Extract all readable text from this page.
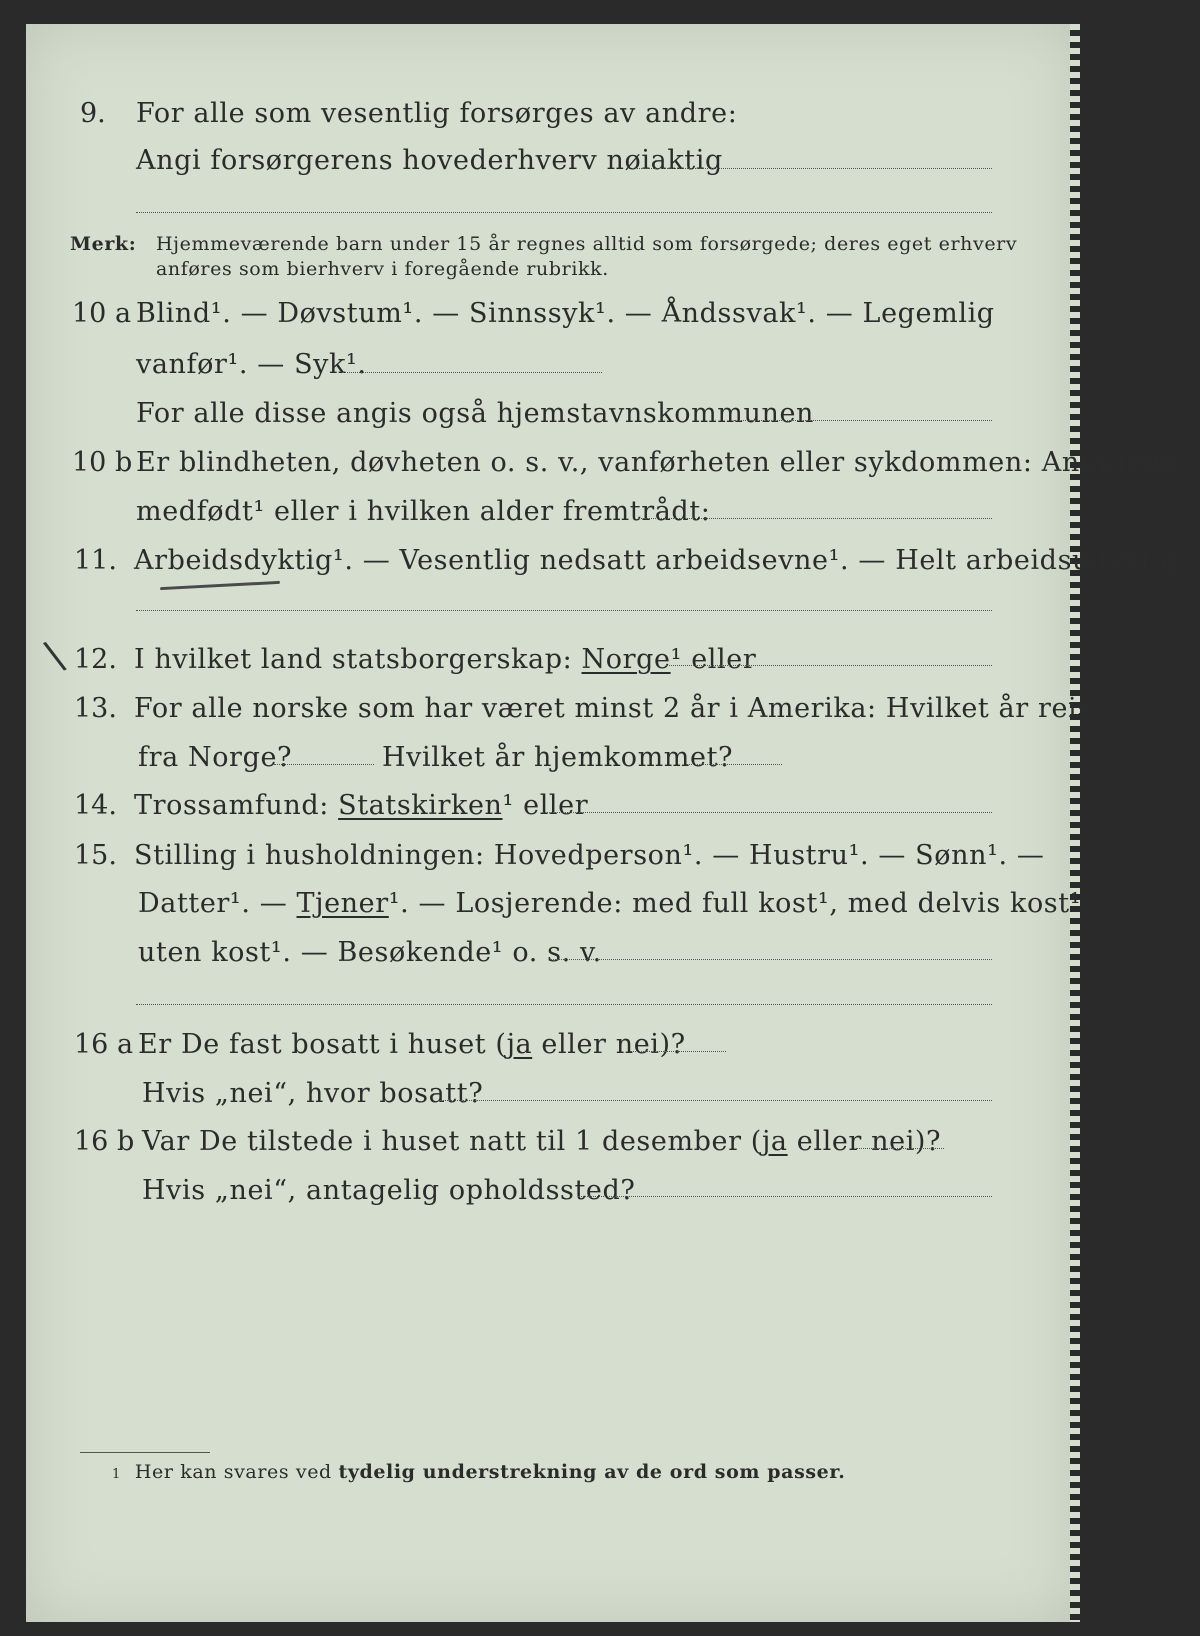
9. For alle som vesentlig forsørges av andre:
Angi forsørgerens hovederhverv nøiaktig
Merk: Hjemmeværende barn under 15 år regnes alltid som forsørgede; deres eget erhverv
anføres som bierhverv i foregående rubrikk.
10 a Blind¹. — Døvstum¹. — Sinnssyk¹. — Åndssvak¹. — Legemlig
vanfør¹. — Syk¹.
For alle disse angis også hjemstavnskommunen
10 b Er blindheten, døvheten o. s. v., vanførheten eller sykdommen: Antagelig
medfødt¹ eller i hvilken alder fremtrådt:
11. Arbeidsdyktig¹. — Vesentlig nedsatt arbeidsevne¹. — Helt arbeidsudyktig¹.
\ 12. I hvilket land statsborgerskap: Norge¹ eller
13. For alle norske som har været minst 2 år i Amerika: Hvilket år reist
fra Norge?	Hvilket år hjemkommet?
14. Trossamfund: Statskirken¹ eller
15. Stilling i husholdningen: Hovedperson¹. — Hustru¹. — Sønn¹. —
Datter¹. — Tjener¹. — Losjerende: med full kost¹, med delvis kost¹,
uten kost¹. — Besøkende¹ o. s. v.
16 a Er De fast bosatt i huset (ja eller nei)?
Hvis „nei“, hvor bosatt?
16 b Var De tilstede i huset natt til 1 desember (ja eller nei)?
Hvis „nei“, antagelig opholdssted?
1 Her kan svares ved tydelig understrekning av de ord som passer.
